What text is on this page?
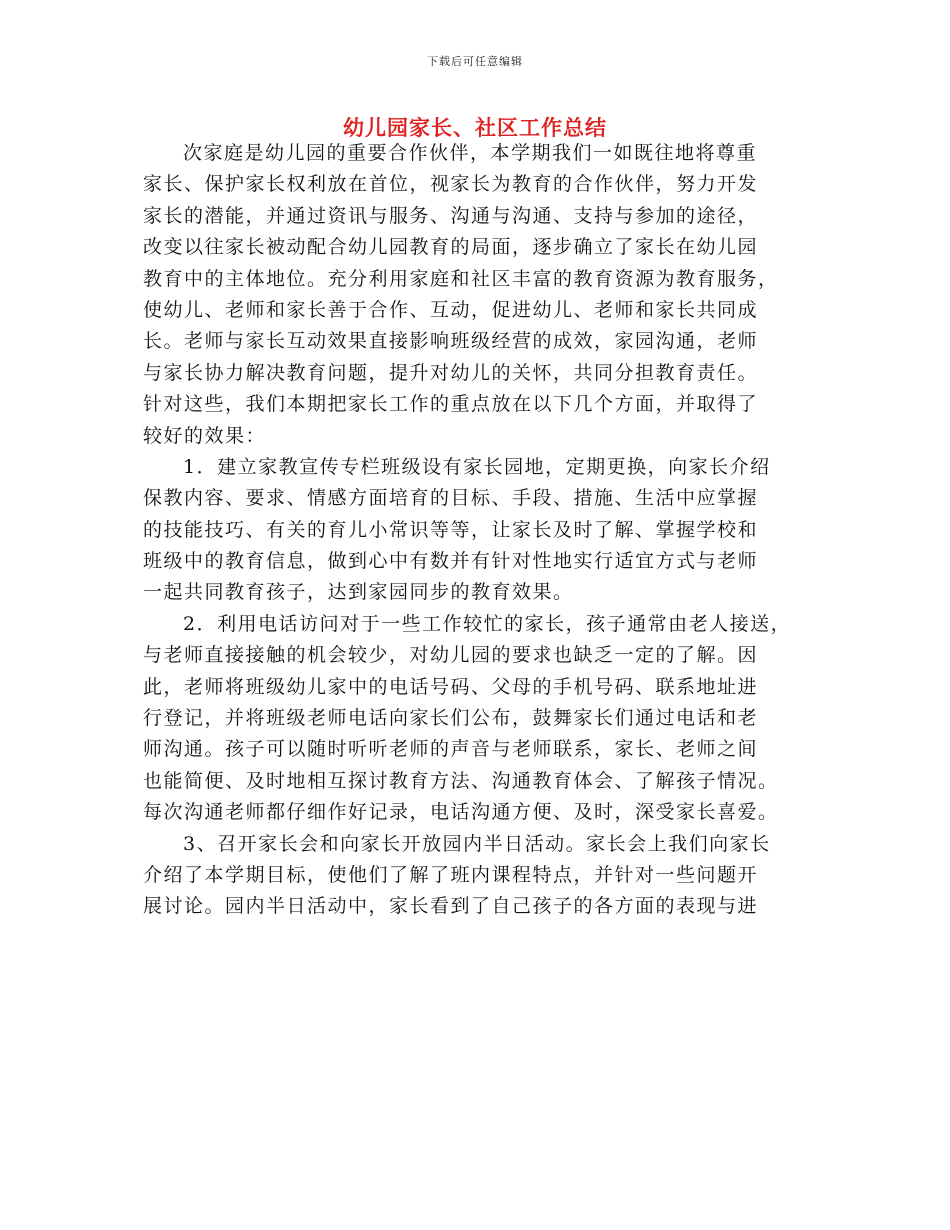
下载后可任意编辑
幼儿园家长、社区工作总结
次家庭是幼儿园的重要合作伙伴，本学期我们一如既往地将尊重
家长、保护家长权利放在首位，视家长为教育的合作伙伴，努力开发
家长的潜能，并通过资讯与服务、沟通与沟通、支持与参加的途径，
改变以往家长被动配合幼儿园教育的局面，逐步确立了家长在幼儿园
教育中的主体地位。充分利用家庭和社区丰富的教育资源为教育服务，
使幼儿、老师和家长善于合作、互动，促进幼儿、老师和家长共同成
长。老师与家长互动效果直接影响班级经营的成效，家园沟通，老师
与家长协力解决教育问题，提升对幼儿的关怀，共同分担教育责任。
针对这些，我们本期把家长工作的重点放在以下几个方面，并取得了
较好的效果：
1．建立家教宣传专栏班级设有家长园地，定期更换，向家长介绍
保教内容、要求、情感方面培育的目标、手段、措施、生活中应掌握
的技能技巧、有关的育儿小常识等等，让家长及时了解、掌握学校和
班级中的教育信息，做到心中有数并有针对性地实行适宜方式与老师
一起共同教育孩子，达到家园同步的教育效果。
2．利用电话访问对于一些工作较忙的家长，孩子通常由老人接送，
与老师直接接触的机会较少，对幼儿园的要求也缺乏一定的了解。因
此，老师将班级幼儿家中的电话号码、父母的手机号码、联系地址进
行登记，并将班级老师电话向家长们公布，鼓舞家长们通过电话和老
师沟通。孩子可以随时听听老师的声音与老师联系，家长、老师之间
也能简便、及时地相互探讨教育方法、沟通教育体会、了解孩子情况。
每次沟通老师都仔细作好记录，电话沟通方便、及时，深受家长喜爱。
3、召开家长会和向家长开放园内半日活动。家长会上我们向家长
介绍了本学期目标，使他们了解了班内课程特点，并针对一些问题开
展讨论。园内半日活动中，家长看到了自己孩子的各方面的表现与进
